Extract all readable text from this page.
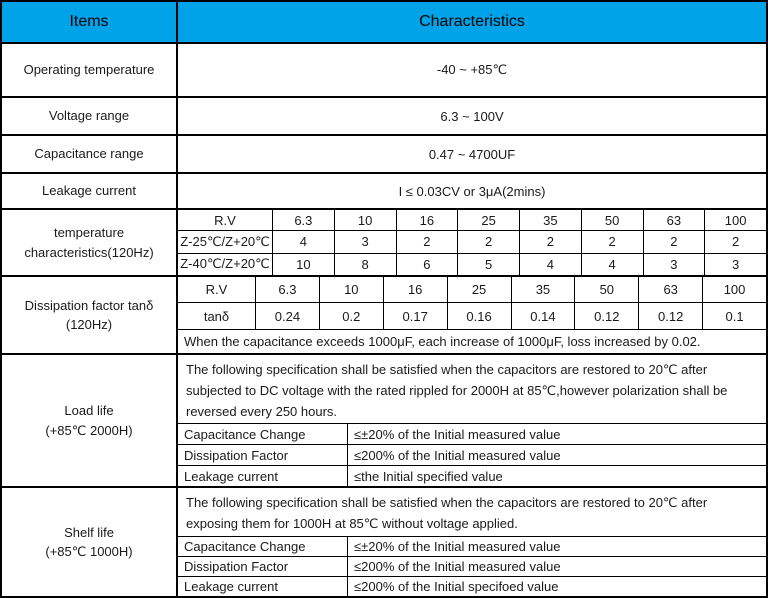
Items	Characteristics
Operating temperature	-40 ~ +85℃
Voltage range	6.3 ~ 100V
Capacitance range	0.47 ~ 4700UF
Leakage current	I ≤ 0.03CV or 3μA(2mins)
temperature
characteristics(120Hz)
R.V	6.3	10	16	25	35	50	63	100
Z-25℃/Z+20℃	4	3	2	2	2	2	2	2
Z-40℃/Z+20℃	10	8	6	5	4	4	3	3
Dissipation factor tanδ
(120Hz)
R.V	6.3	10	16	25	35	50	63	100
tanδ	0.24	0.2	0.17	0.16	0.14	0.12	0.12	0.1
When the capacitance exceeds 1000μF, each increase of 1000μF, loss increased by 0.02.
Load life
(+85℃ 2000H)
The following specification shall be satisfied when the capacitors are restored to 20℃ after subjected to DC voltage with the rated rippled for 2000H at 85℃,however polarization shall be reversed every 250 hours.
Capacitance Change	≤±20% of the Initial measured value
Dissipation Factor	≤200% of the Initial measured value
Leakage current	≤the Initial specified value
Shelf life
(+85℃ 1000H)
The following specification shall be satisfied when the capacitors are restored to 20℃ after exposing them for 1000H at 85℃ without voltage applied.
Capacitance Change	≤±20% of the Initial measured value
Dissipation Factor	≤200% of the Initial measured value
Leakage current	≤200% of the Initial specifoed value
